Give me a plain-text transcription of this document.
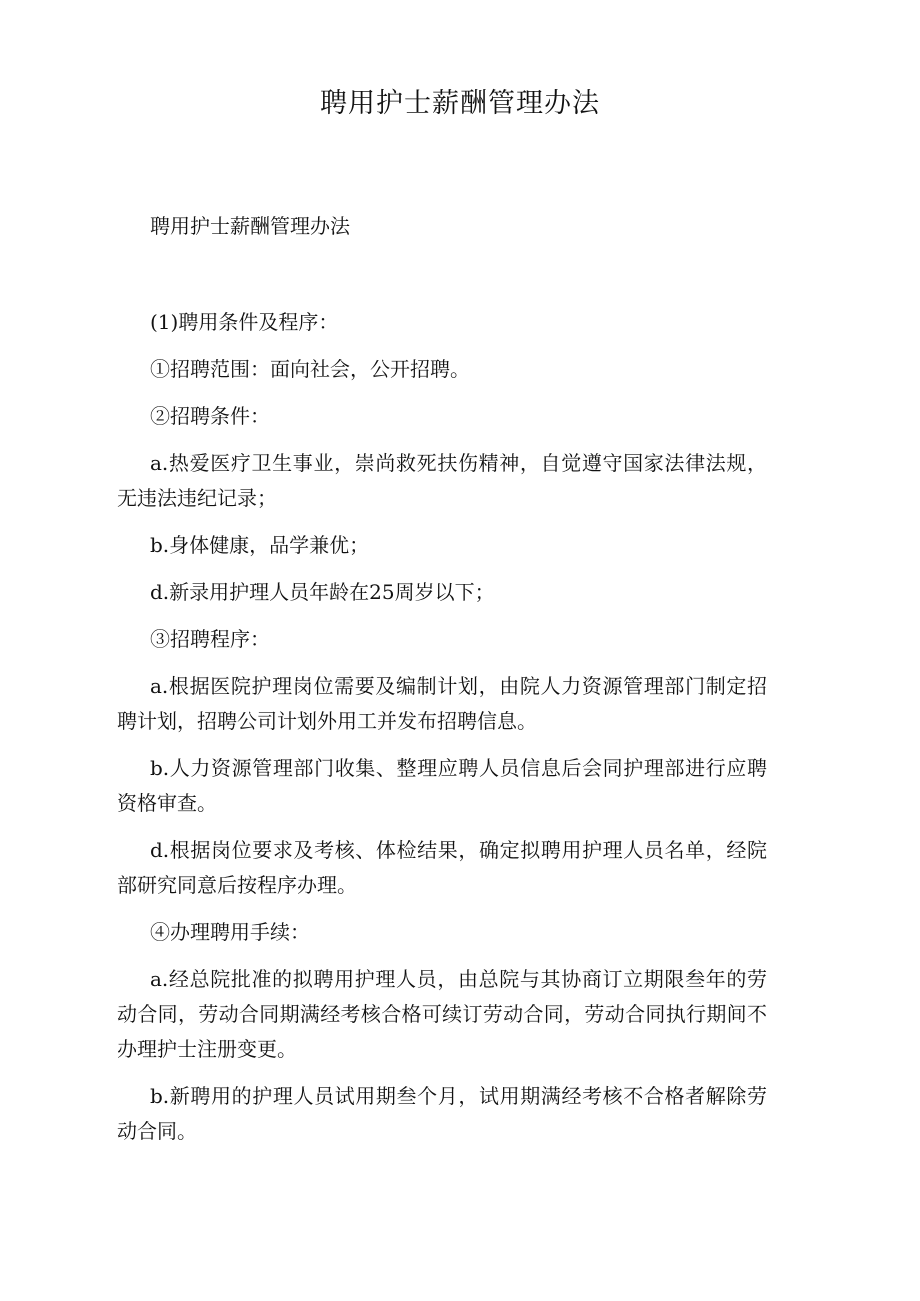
聘用护士薪酬管理办法
聘用护士薪酬管理办法

(1)聘用条件及程序：

①招聘范围：面向社会，公开招聘。

②招聘条件：

a.热爱医疗卫生事业，崇尚救死扶伤精神，自觉遵守国家法律法规，无违法违纪记录；

b.身体健康，品学兼优；

d.新录用护理人员年龄在25周岁以下；

③招聘程序：

a.根据医院护理岗位需要及编制计划，由院人力资源管理部门制定招聘计划，招聘公司计划外用工并发布招聘信息。

b.人力资源管理部门收集、整理应聘人员信息后会同护理部进行应聘资格审查。

d.根据岗位要求及考核、体检结果，确定拟聘用护理人员名单，经院部研究同意后按程序办理。

④办理聘用手续：

a.经总院批准的拟聘用护理人员，由总院与其协商订立期限叁年的劳动合同，劳动合同期满经考核合格可续订劳动合同，劳动合同执行期间不办理护士注册变更。

b.新聘用的护理人员试用期叁个月，试用期满经考核不合格者解除劳动合同。
